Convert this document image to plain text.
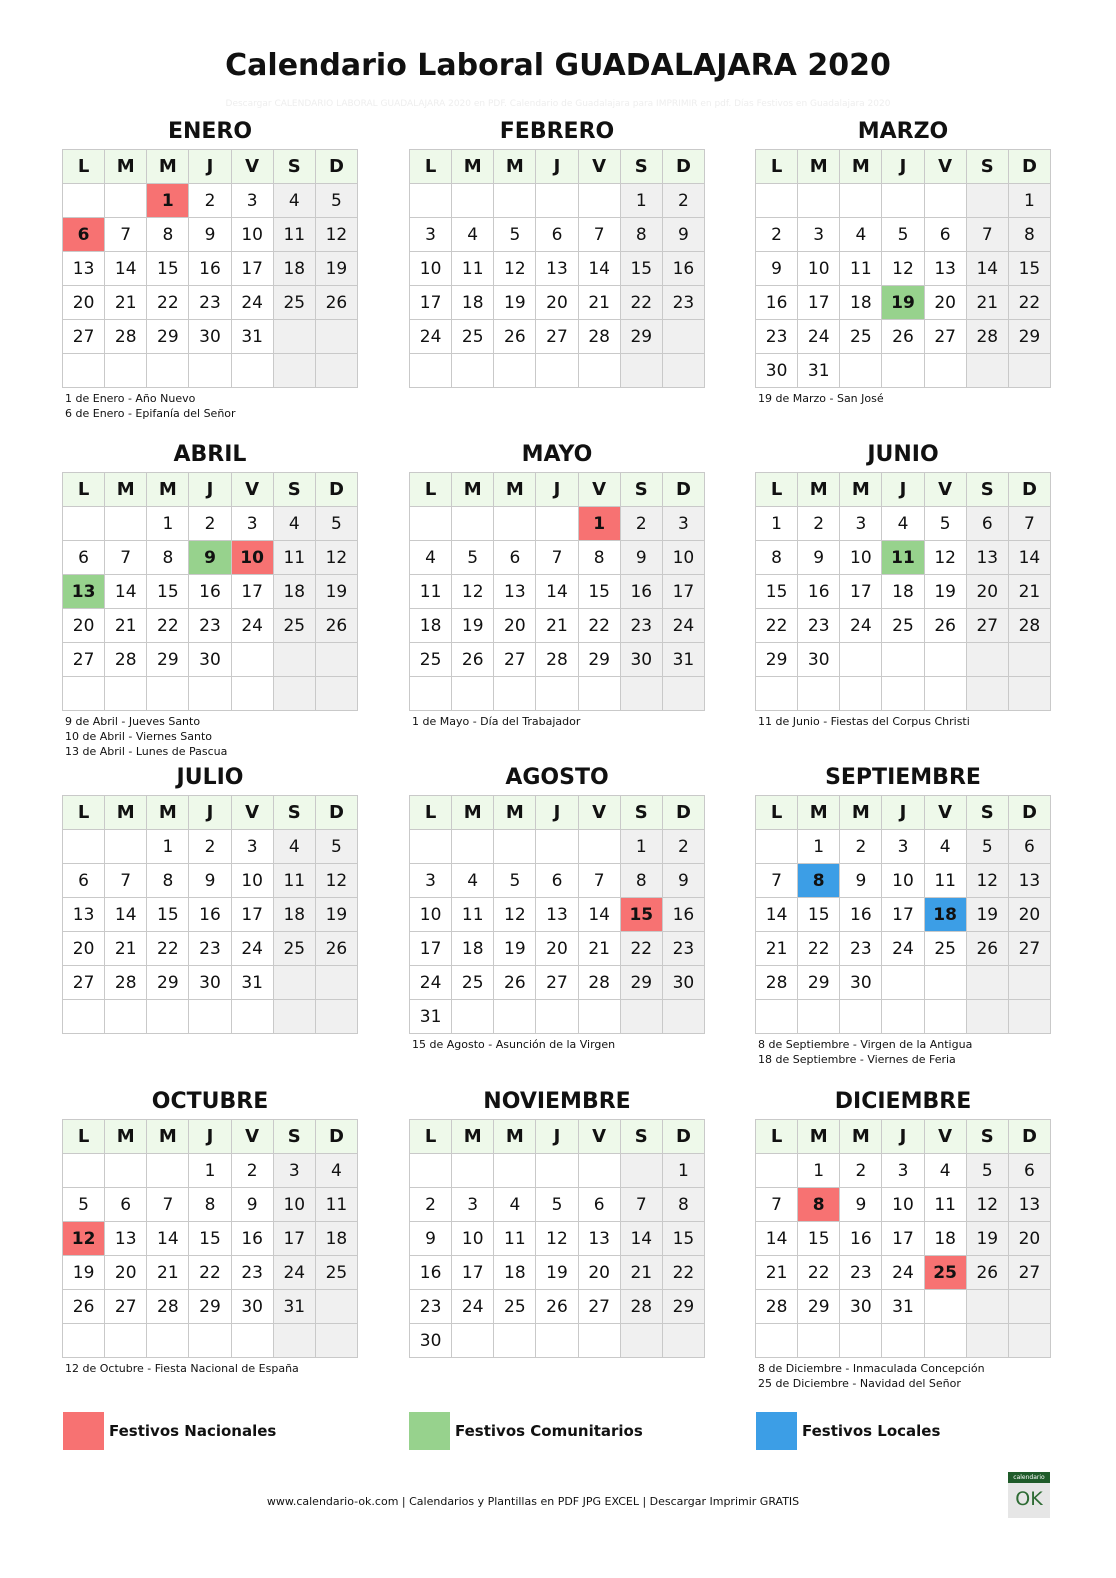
Calendario Laboral GUADALAJARA 2020
Descargar CALENDARIO LABORAL GUADALAJARA 2020 en PDF. Calendario de Guadalajara para IMPRIMIR en pdf. Días Festivos en Guadalajara 2020
ENERO
L	M	M	J	V	S	D
		1	2	3	4	5
6	7	8	9	10	11	12
13	14	15	16	17	18	19
20	21	22	23	24	25	26
27	28	29	30	31		

1 de Enero - Año Nuevo
6 de Enero - Epifanía del Señor
FEBRERO
L	M	M	J	V	S	D
					1	2
3	4	5	6	7	8	9
10	11	12	13	14	15	16
17	18	19	20	21	22	23
24	25	26	27	28	29	

MARZO
L	M	M	J	V	S	D
						1
2	3	4	5	6	7	8
9	10	11	12	13	14	15
16	17	18	19	20	21	22
23	24	25	26	27	28	29
30	31					
19 de Marzo - San José
ABRIL
L	M	M	J	V	S	D
		1	2	3	4	5
6	7	8	9	10	11	12
13	14	15	16	17	18	19
20	21	22	23	24	25	26
27	28	29	30			

9 de Abril - Jueves Santo
10 de Abril - Viernes Santo
13 de Abril - Lunes de Pascua
MAYO
L	M	M	J	V	S	D
				1	2	3
4	5	6	7	8	9	10
11	12	13	14	15	16	17
18	19	20	21	22	23	24
25	26	27	28	29	30	31

1 de Mayo - Día del Trabajador
JUNIO
L	M	M	J	V	S	D
1	2	3	4	5	6	7
8	9	10	11	12	13	14
15	16	17	18	19	20	21
22	23	24	25	26	27	28
29	30					

11 de Junio - Fiestas del Corpus Christi
JULIO
L	M	M	J	V	S	D
		1	2	3	4	5
6	7	8	9	10	11	12
13	14	15	16	17	18	19
20	21	22	23	24	25	26
27	28	29	30	31		

AGOSTO
L	M	M	J	V	S	D
					1	2
3	4	5	6	7	8	9
10	11	12	13	14	15	16
17	18	19	20	21	22	23
24	25	26	27	28	29	30
31						
15 de Agosto - Asunción de la Virgen
SEPTIEMBRE
L	M	M	J	V	S	D
	1	2	3	4	5	6
7	8	9	10	11	12	13
14	15	16	17	18	19	20
21	22	23	24	25	26	27
28	29	30				

8 de Septiembre - Virgen de la Antigua
18 de Septiembre - Viernes de Feria
OCTUBRE
L	M	M	J	V	S	D
			1	2	3	4
5	6	7	8	9	10	11
12	13	14	15	16	17	18
19	20	21	22	23	24	25
26	27	28	29	30	31	

12 de Octubre - Fiesta Nacional de España
NOVIEMBRE
L	M	M	J	V	S	D
						1
2	3	4	5	6	7	8
9	10	11	12	13	14	15
16	17	18	19	20	21	22
23	24	25	26	27	28	29
30						
DICIEMBRE
L	M	M	J	V	S	D
	1	2	3	4	5	6
7	8	9	10	11	12	13
14	15	16	17	18	19	20
21	22	23	24	25	26	27
28	29	30	31			

8 de Diciembre - Inmaculada Concepción
25 de Diciembre - Navidad del Señor
Festivos Nacionales	Festivos Comunitarios	Festivos Locales
www.calendario-ok.com | Calendarios y Plantillas en PDF JPG EXCEL | Descargar Imprimir GRATIS
calendario
OK
